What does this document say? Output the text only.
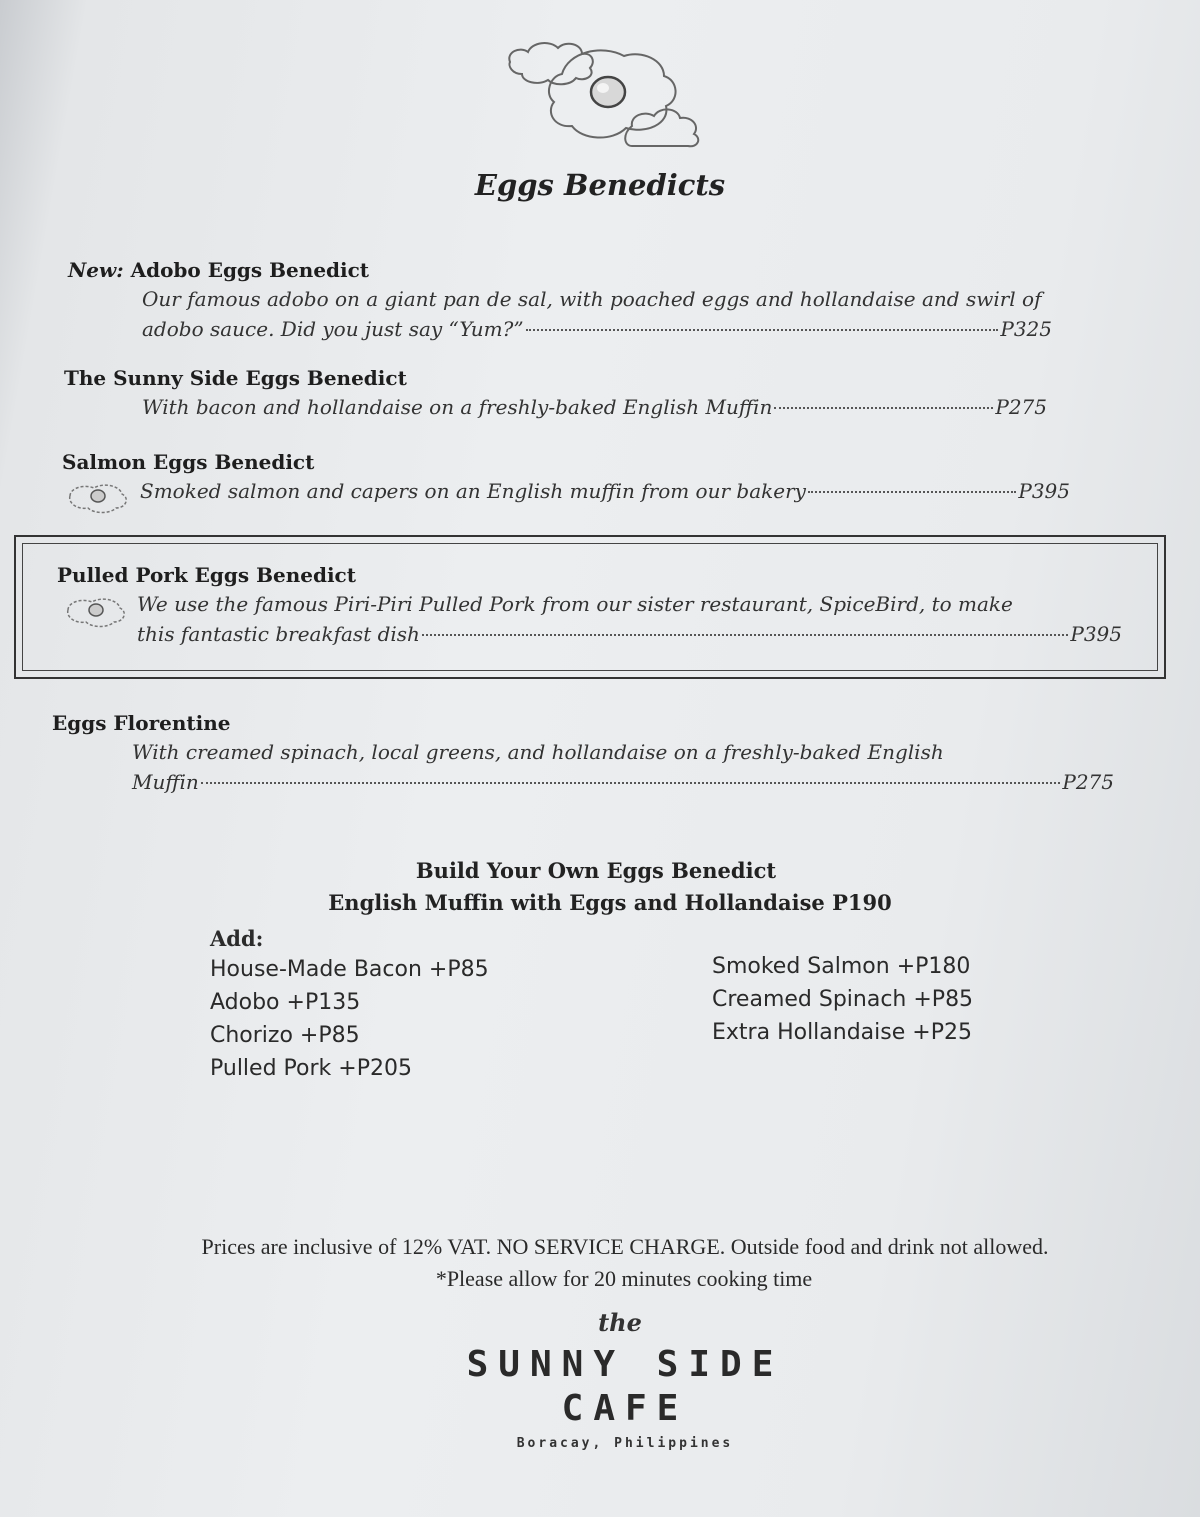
Eggs Benedicts
New: Adobo Eggs Benedict
Our famous adobo on a giant pan de sal, with poached eggs and hollandaise and swirl of
adobo sauce. Did you just say “Yum?”	P325
The Sunny Side Eggs Benedict
With bacon and hollandaise on a freshly-baked English Muffin	P275
Salmon Eggs Benedict
Smoked salmon and capers on an English muffin from our bakery	P395
Pulled Pork Eggs Benedict
We use the famous Piri-Piri Pulled Pork from our sister restaurant, SpiceBird, to make
this fantastic breakfast dish	P395
Eggs Florentine
With creamed spinach, local greens, and hollandaise on a freshly-baked English
Muffin	P275
Build Your Own Eggs Benedict
English Muffin with Eggs and Hollandaise P190
Add:
House-Made Bacon +P85
Adobo +P135
Chorizo +P85
Pulled Pork +P205
Smoked Salmon +P180
Creamed Spinach +P85
Extra Hollandaise +P25
Prices are inclusive of 12% VAT. NO SERVICE CHARGE. Outside food and drink not allowed.
*Please allow for 20 minutes cooking time
the
SUNNY SIDE
CAFE
Boracay, Philippines
